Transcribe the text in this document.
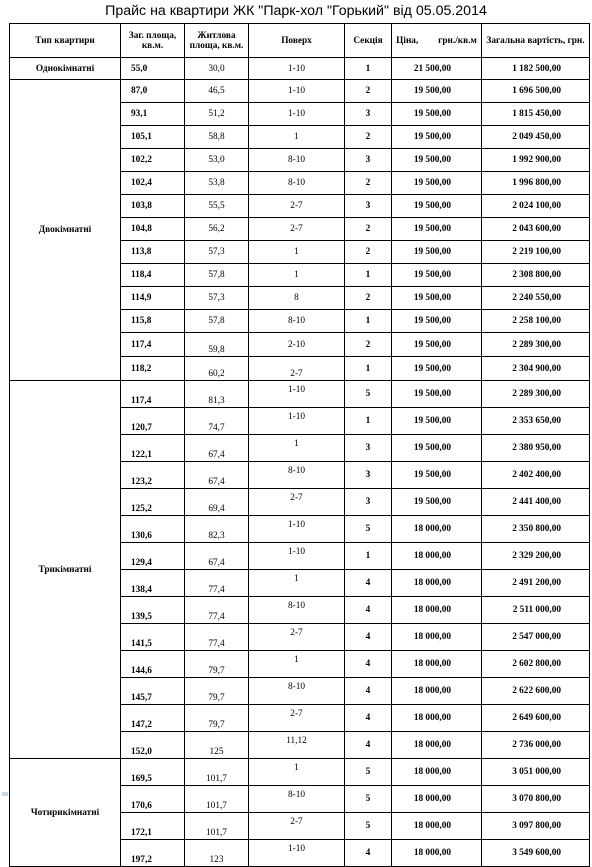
Прайс на квартири ЖК "Парк-хол "Горький" від 05.05.2014
Тип квартири	Заг. площа, кв.м.	Житлова площа, кв.м.	Поверх	Секція	Ціна, грн./кв.м	Загальна вартість, грн.
Однокімнатні	55,0	30,0	1-10	1	21 500,00	1 182 500,00
Двокімнатні	87,0	46,5	1-10	2	19 500,00	1 696 500,00
	93,1	51,2	1-10	3	19 500,00	1 815 450,00
	105,1	58,8	1	2	19 500,00	2 049 450,00
	102,2	53,0	8-10	3	19 500,00	1 992 900,00
	102,4	53,8	8-10	2	19 500,00	1 996 800,00
	103,8	55,5	2-7	3	19 500,00	2 024 100,00
	104,8	56,2	2-7	2	19 500,00	2 043 600,00
	113,8	57,3	1	2	19 500,00	2 219 100,00
	118,4	57,8	1	1	19 500,00	2 308 800,00
	114,9	57,3	8	2	19 500,00	2 240 550,00
	115,8	57,8	8-10	1	19 500,00	2 258 100,00
	117,4	59,8	2-10	2	19 500,00	2 289 300,00
	118,2	60,2	2-7	1	19 500,00	2 304 900,00
Трикімнатні	117,4	81,3	1-10	5	19 500,00	2 289 300,00
	120,7	74,7	1-10	1	19 500,00	2 353 650,00
	122,1	67,4	1	3	19 500,00	2 380 950,00
	123,2	67,4	8-10	3	19 500,00	2 402 400,00
	125,2	69,4	2-7	3	19 500,00	2 441 400,00
	130,6	82,3	1-10	5	18 000,00	2 350 800,00
	129,4	67,4	1-10	1	18 000,00	2 329 200,00
	138,4	77,4	1	4	18 000,00	2 491 200,00
	139,5	77,4	8-10	4	18 000,00	2 511 000,00
	141,5	77,4	2-7	4	18 000,00	2 547 000,00
	144,6	79,7	1	4	18 000,00	2 602 800,00
	145,7	79,7	8-10	4	18 000,00	2 622 600,00
	147,2	79,7	2-7	4	18 000,00	2 649 600,00
	152,0	125	11,12	4	18 000,00	2 736 000,00
Чотирикімнатні	169,5	101,7	1	5	18 000,00	3 051 000,00
	170,6	101,7	8-10	5	18 000,00	3 070 800,00
	172,1	101,7	2-7	5	18 000,00	3 097 800,00
	197,2	123	1-10	4	18 000,00	3 549 600,00
